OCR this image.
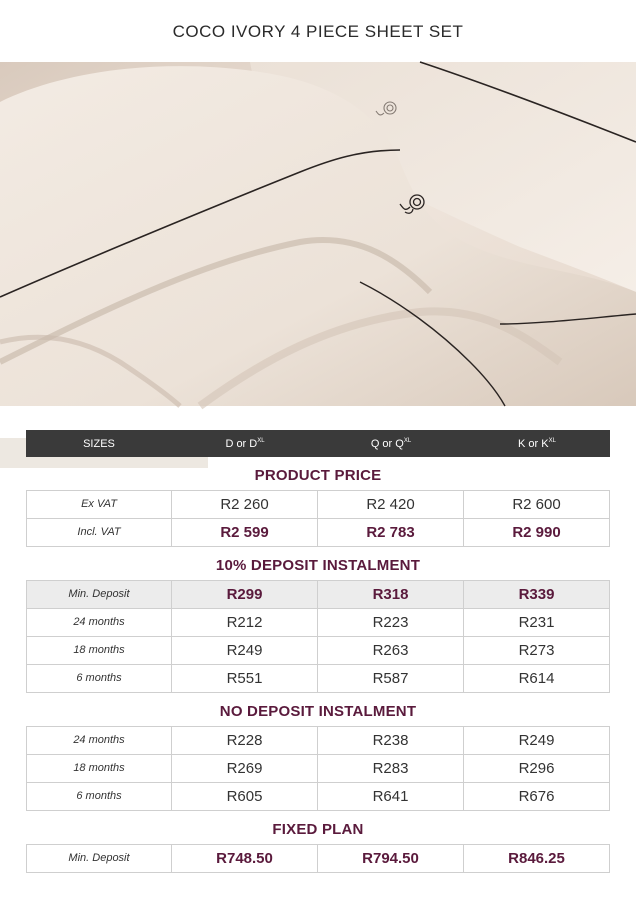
COCO IVORY 4 PIECE SHEET SET
SIZES	D or $D^{XL}$	Q or $Q^{XL}$	K or $K^{XL}$
PRODUCT PRICE
Ex VAT	R2 260	R2 420	R2 600
Incl. VAT	R2 599	R2 783	R2 990
10% DEPOSIT INSTALMENT
Min. Deposit	R299	R318	R339
24 months	R212	R223	R231
18 months	R249	R263	R273
6 months	R551	R587	R614
NO DEPOSIT INSTALMENT
24 months	R228	R238	R249
18 months	R269	R283	R296
6 months	R605	R641	R676
FIXED PLAN
Min. Deposit	R748.50	R794.50	R846.25
